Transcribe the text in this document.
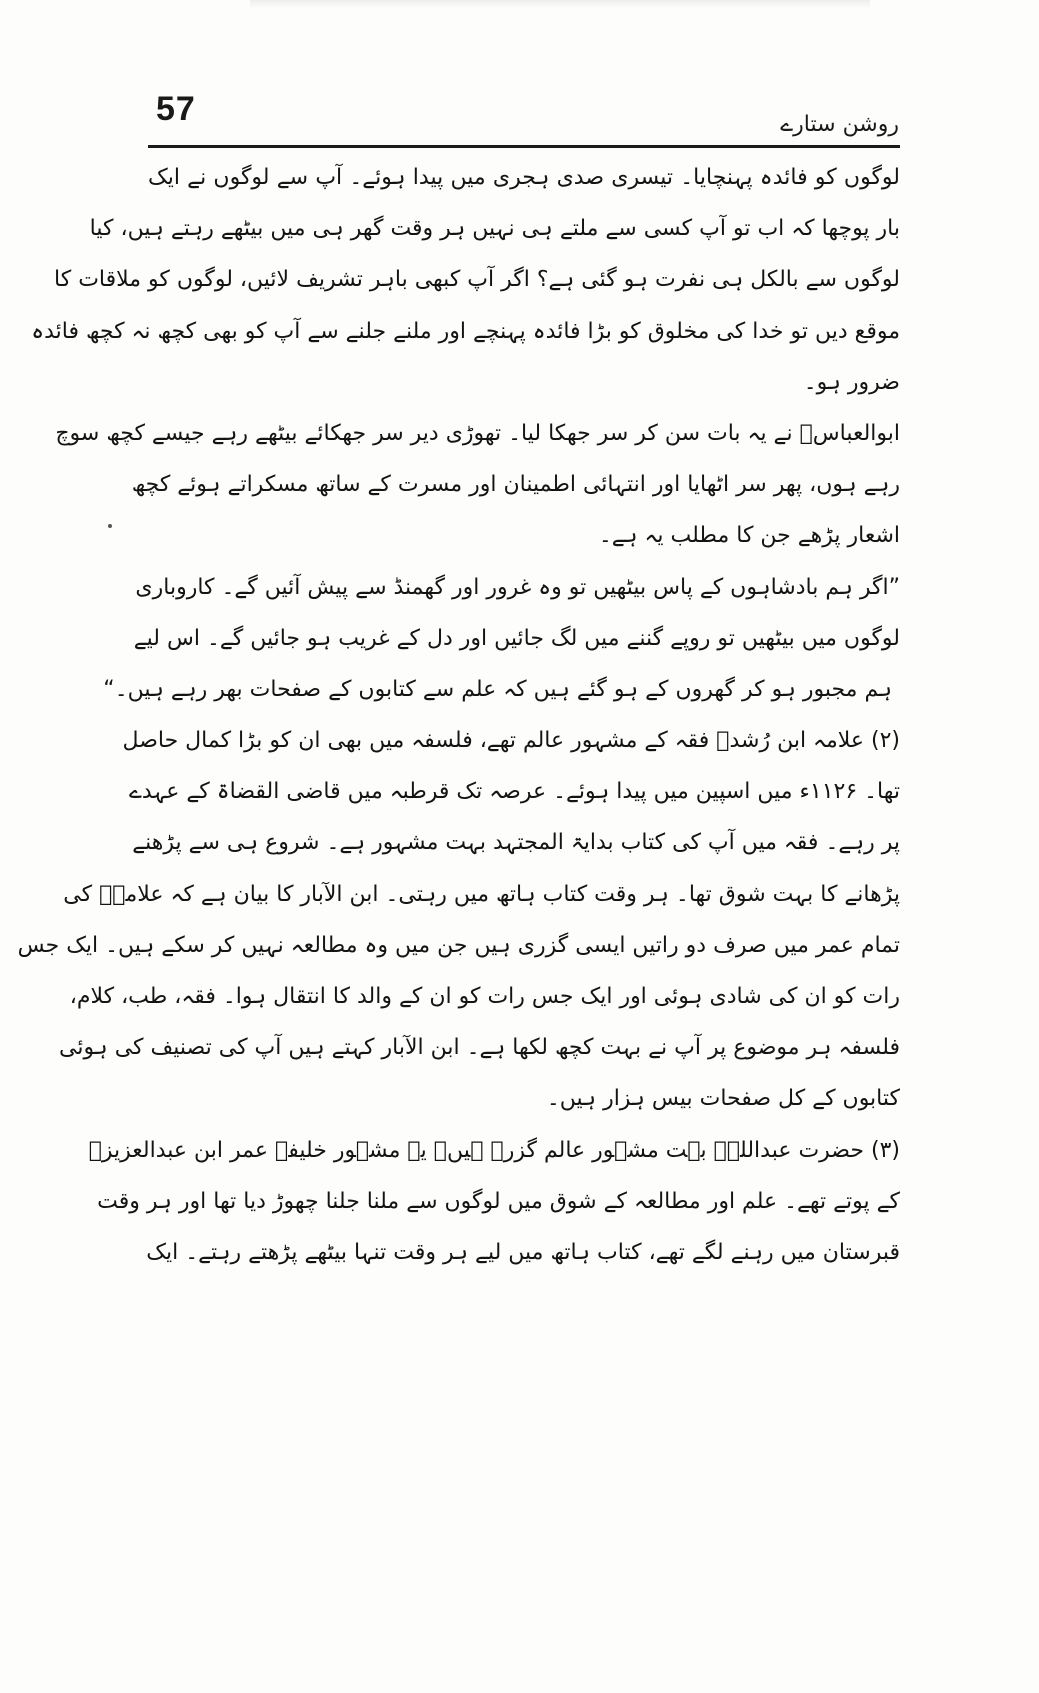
57	روشن ستارے
لوگوں کو فائدہ پہنچایا۔ تیسری صدی ہجری میں پیدا ہوئے۔ آپ سے لوگوں نے ایک
بار پوچھا کہ اب تو آپ کسی سے ملتے ہی نہیں ہر وقت گھر ہی میں بیٹھے رہتے ہیں، کیا
لوگوں سے بالکل ہی نفرت ہو گئی ہے؟ اگر آپ کبھی باہر تشریف لائیں، لوگوں کو ملاقات کا
موقع دیں تو خدا کی مخلوق کو بڑا فائدہ پہنچے اور ملنے جلنے سے آپ کو بھی کچھ نہ کچھ فائدہ
ضرور ہو۔
ابوالعباسؒ نے یہ بات سن کر سر جھکا لیا۔ تھوڑی دیر سر جھکائے بیٹھے رہے جیسے کچھ سوچ
رہے ہوں، پھر سر اٹھایا اور انتہائی اطمینان اور مسرت کے ساتھ مسکراتے ہوئے کچھ
اشعار پڑھے جن کا مطلب یہ ہے۔
”اگر ہم بادشاہوں کے پاس بیٹھیں تو وہ غرور اور گھمنڈ سے پیش آئیں گے۔ کاروباری
لوگوں میں بیٹھیں تو روپے گننے میں لگ جائیں اور دل کے غریب ہو جائیں گے۔ اس لیے
ہم مجبور ہو کر گھروں کے ہو گئے ہیں کہ علم سے کتابوں کے صفحات بھر رہے ہیں۔“
(۲) علامہ ابن رُشدؒ فقہ کے مشہور عالم تھے، فلسفہ میں بھی ان کو بڑا کمال حاصل
تھا۔ ۱۱۲۶ء میں اسپین میں پیدا ہوئے۔ عرصہ تک قرطبہ میں قاضی القضاۃ کے عہدے
پر رہے۔ فقہ میں آپ کی کتاب بدایۃ المجتہد بہت مشہور ہے۔ شروع ہی سے پڑھنے
پڑھانے کا بہت شوق تھا۔ ہر وقت کتاب ہاتھ میں رہتی۔ ابن الآبار کا بیان ہے کہ علامہؒ کی
تمام عمر میں صرف دو راتیں ایسی گزری ہیں جن میں وہ مطالعہ نہیں کر سکے ہیں۔ ایک جس
رات کو ان کی شادی ہوئی اور ایک جس رات کو ان کے والد کا انتقال ہوا۔ فقہ، طب، کلام،
فلسفہ ہر موضوع پر آپ نے بہت کچھ لکھا ہے۔ ابن الآبار کہتے ہیں آپ کی تصنیف کی ہوئی
کتابوں کے کل صفحات بیس ہزار ہیں۔
(۳) حضرت عبداللہؒ بہت مشہور عالم گزرے ہیں۔ یہ مشہور خلیفہ عمر ابن عبدالعزیزؒ
کے پوتے تھے۔ علم اور مطالعہ کے شوق میں لوگوں سے ملنا جلنا چھوڑ دیا تھا اور ہر وقت
قبرستان میں رہنے لگے تھے، کتاب ہاتھ میں لیے ہر وقت تنہا بیٹھے پڑھتے رہتے۔ ایک
